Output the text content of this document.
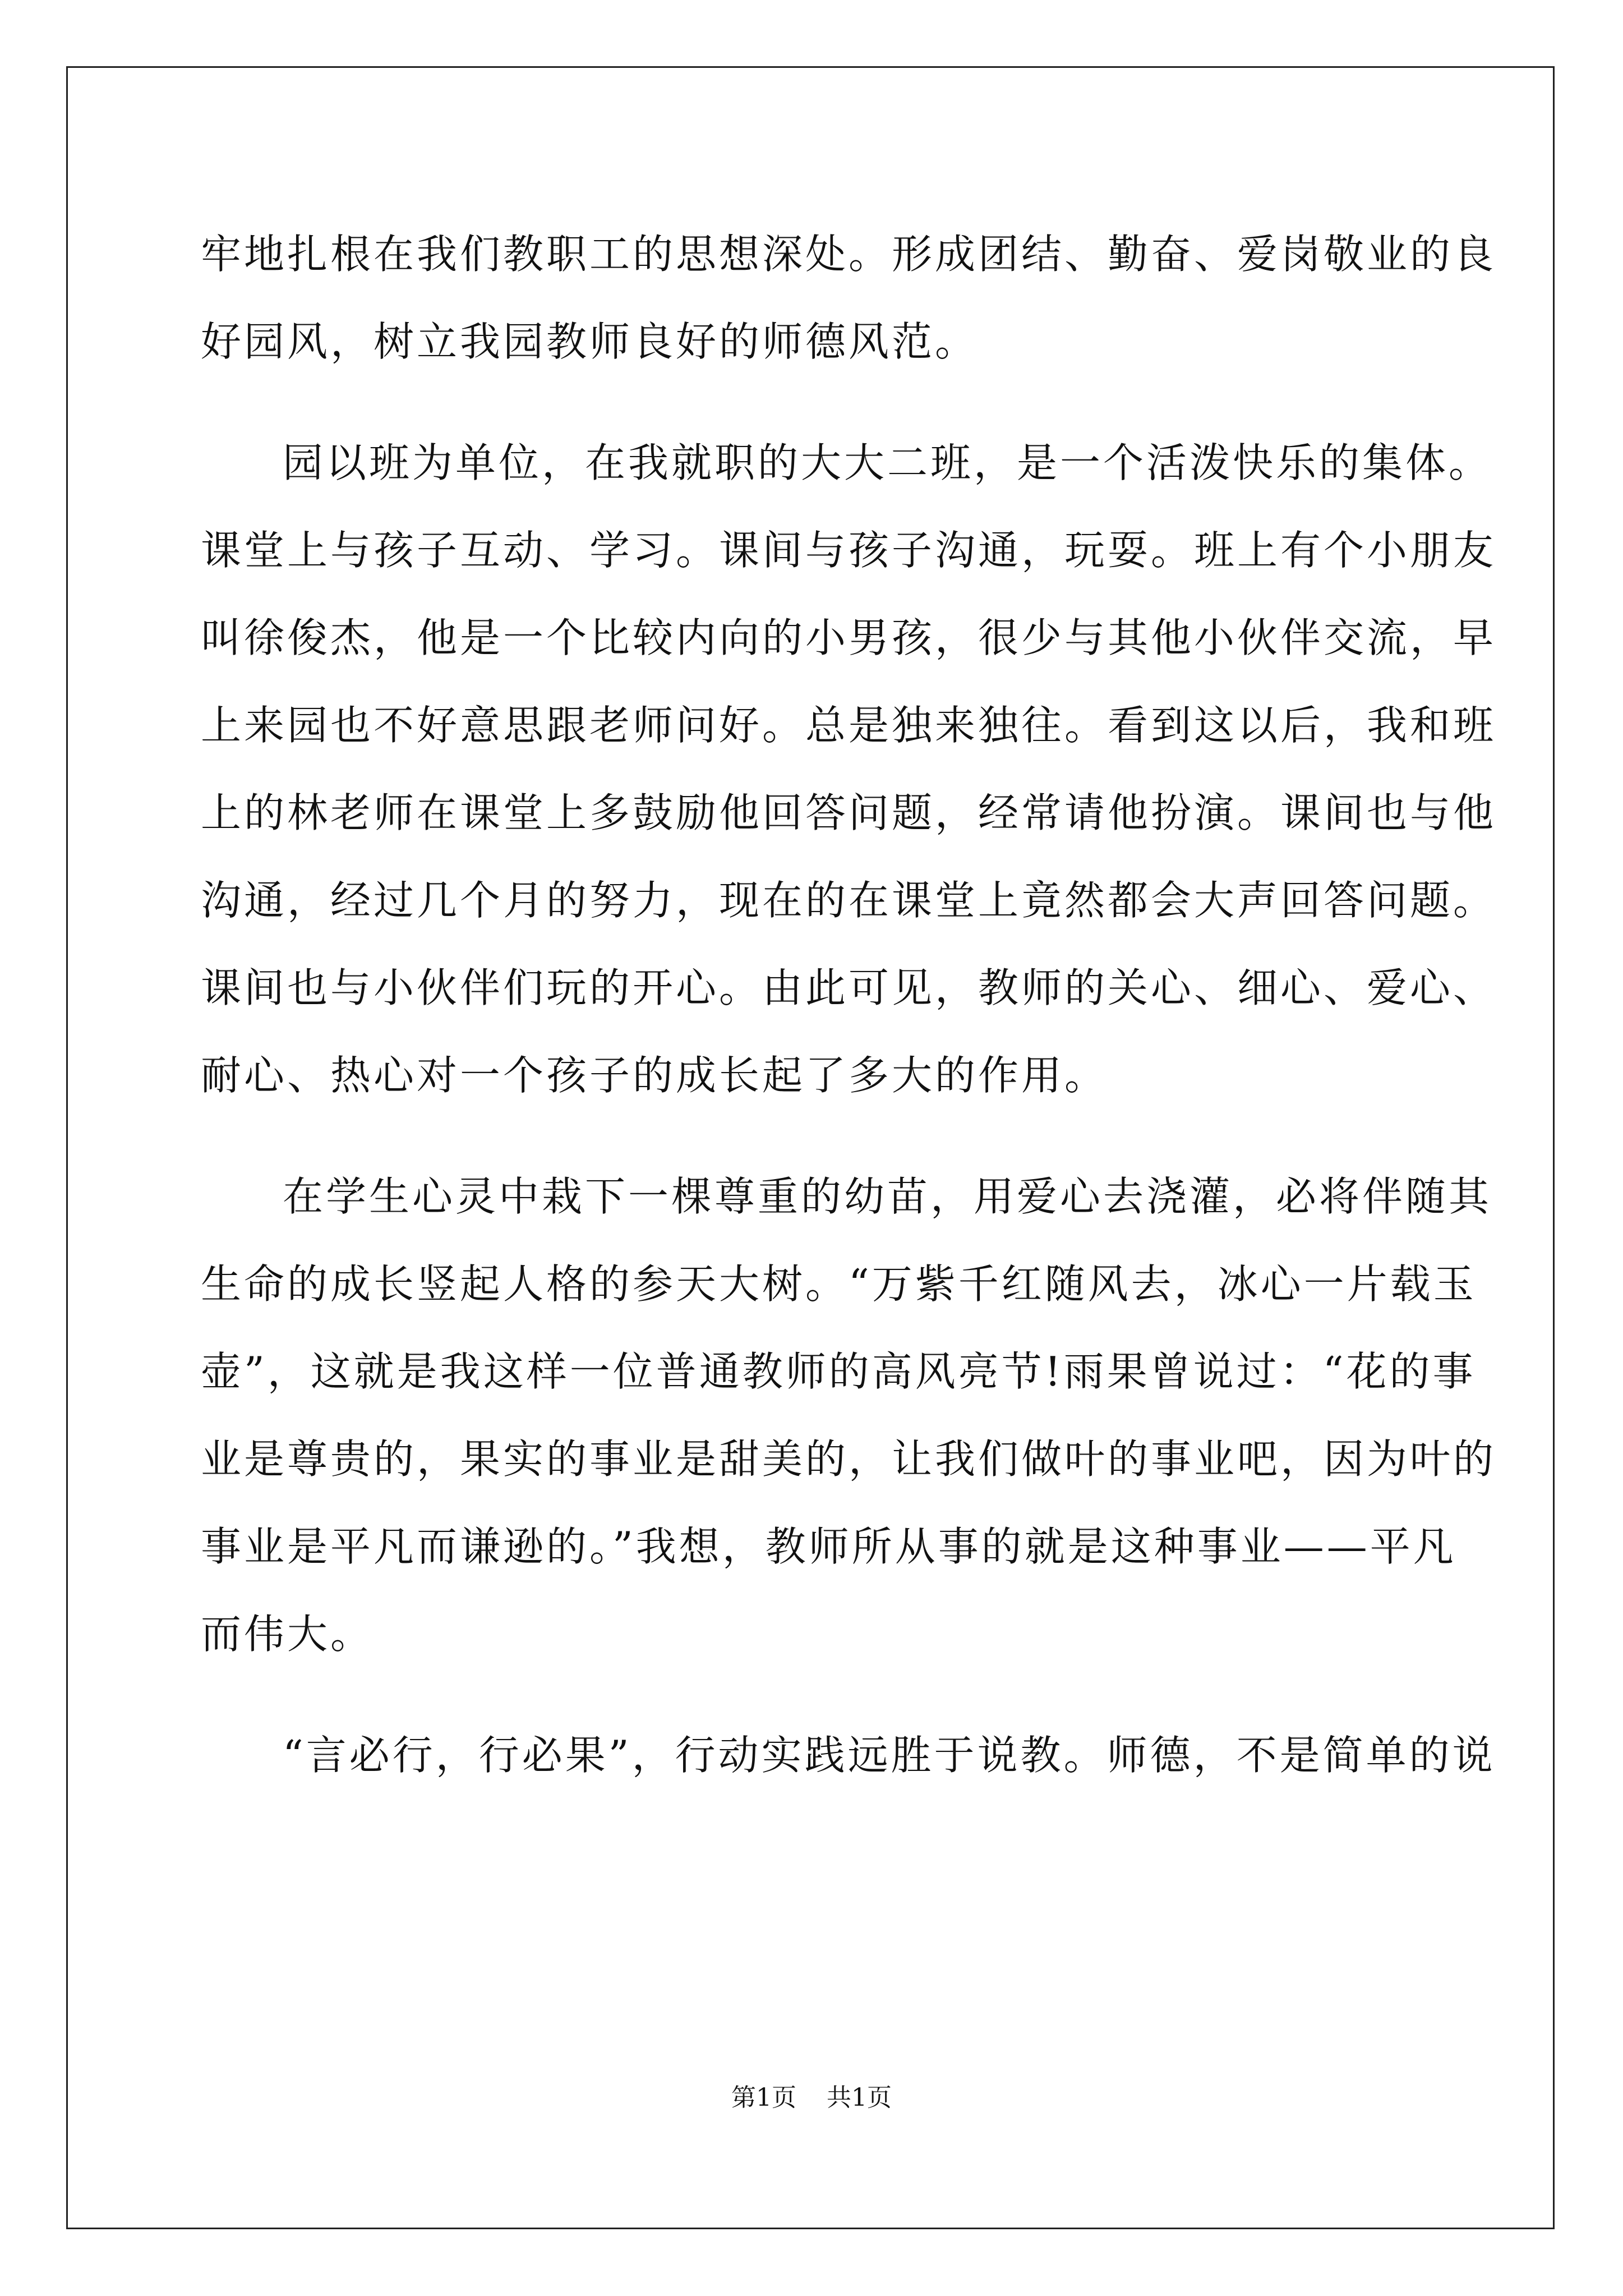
牢地扎根在我们教职工的思想深处。形成团结、勤奋、爱岗敬业的良
好园风，树立我园教师良好的师德风范。
园以班为单位，在我就职的大大二班，是一个活泼快乐的集体。
课堂上与孩子互动、学习。课间与孩子沟通，玩耍。班上有个小朋友
叫徐俊杰，他是一个比较内向的小男孩，很少与其他小伙伴交流，早
上来园也不好意思跟老师问好。总是独来独往。看到这以后，我和班
上的林老师在课堂上多鼓励他回答问题，经常请他扮演。课间也与他
沟通，经过几个月的努力，现在的在课堂上竟然都会大声回答问题。
课间也与小伙伴们玩的开心。由此可见，教师的关心、细心、爱心、
耐心、热心对一个孩子的成长起了多大的作用。
在学生心灵中栽下一棵尊重的幼苗，用爱心去浇灌，必将伴随其
生命的成长竖起人格的参天大树。“万紫千红随风去，冰心一片载玉
壶”，这就是我这样一位普通教师的高风亮节!雨果曾说过：“花的事
业是尊贵的，果实的事业是甜美的，让我们做叶的事业吧，因为叶的
事业是平凡而谦逊的。”我想，教师所从事的就是这种事业——平凡
而伟大。
“言必行，行必果”，行动实践远胜于说教。师德，不是简单的说
第1页 共1页
